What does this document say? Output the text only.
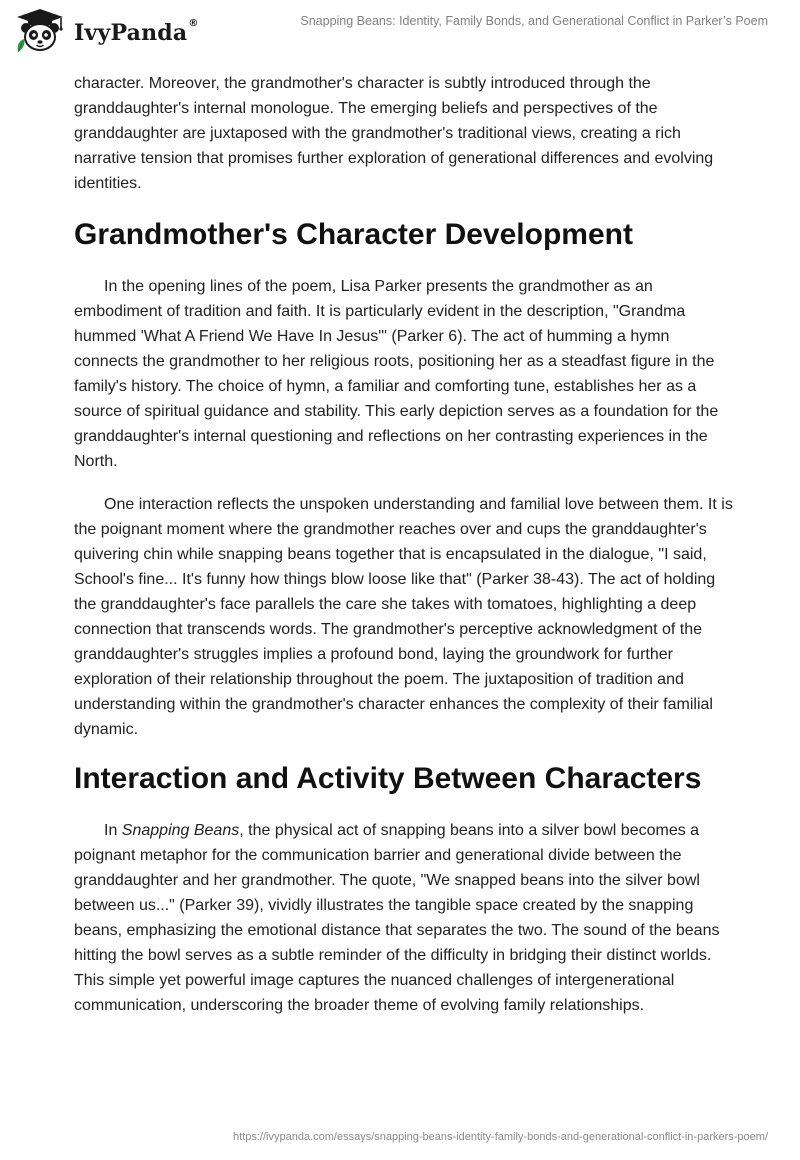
IvyPanda®	Snapping Beans: Identity, Family Bonds, and Generational Conflict in Parker’s Poem

character. Moreover, the grandmother's character is subtly introduced through the granddaughter's internal monologue. The emerging beliefs and perspectives of the granddaughter are juxtaposed with the grandmother's traditional views, creating a rich narrative tension that promises further exploration of generational differences and evolving identities.

Grandmother's Character Development

In the opening lines of the poem, Lisa Parker presents the grandmother as an embodiment of tradition and faith. It is particularly evident in the description, "Grandma hummed 'What A Friend We Have In Jesus'" (Parker 6). The act of humming a hymn connects the grandmother to her religious roots, positioning her as a steadfast figure in the family's history. The choice of hymn, a familiar and comforting tune, establishes her as a source of spiritual guidance and stability. This early depiction serves as a foundation for the granddaughter's internal questioning and reflections on her contrasting experiences in the North.

One interaction reflects the unspoken understanding and familial love between them. It is the poignant moment where the grandmother reaches over and cups the granddaughter's quivering chin while snapping beans together that is encapsulated in the dialogue, "I said, School's fine... It's funny how things blow loose like that" (Parker 38-43). The act of holding the granddaughter's face parallels the care she takes with tomatoes, highlighting a deep connection that transcends words. The grandmother's perceptive acknowledgment of the granddaughter's struggles implies a profound bond, laying the groundwork for further exploration of their relationship throughout the poem. The juxtaposition of tradition and understanding within the grandmother's character enhances the complexity of their familial dynamic.

Interaction and Activity Between Characters

In Snapping Beans, the physical act of snapping beans into a silver bowl becomes a poignant metaphor for the communication barrier and generational divide between the granddaughter and her grandmother. The quote, "We snapped beans into the silver bowl between us..." (Parker 39), vividly illustrates the tangible space created by the snapping beans, emphasizing the emotional distance that separates the two. The sound of the beans hitting the bowl serves as a subtle reminder of the difficulty in bridging their distinct worlds. This simple yet powerful image captures the nuanced challenges of intergenerational communication, underscoring the broader theme of evolving family relationships.

https://ivypanda.com/essays/snapping-beans-identity-family-bonds-and-generational-conflict-in-parkers-poem/
